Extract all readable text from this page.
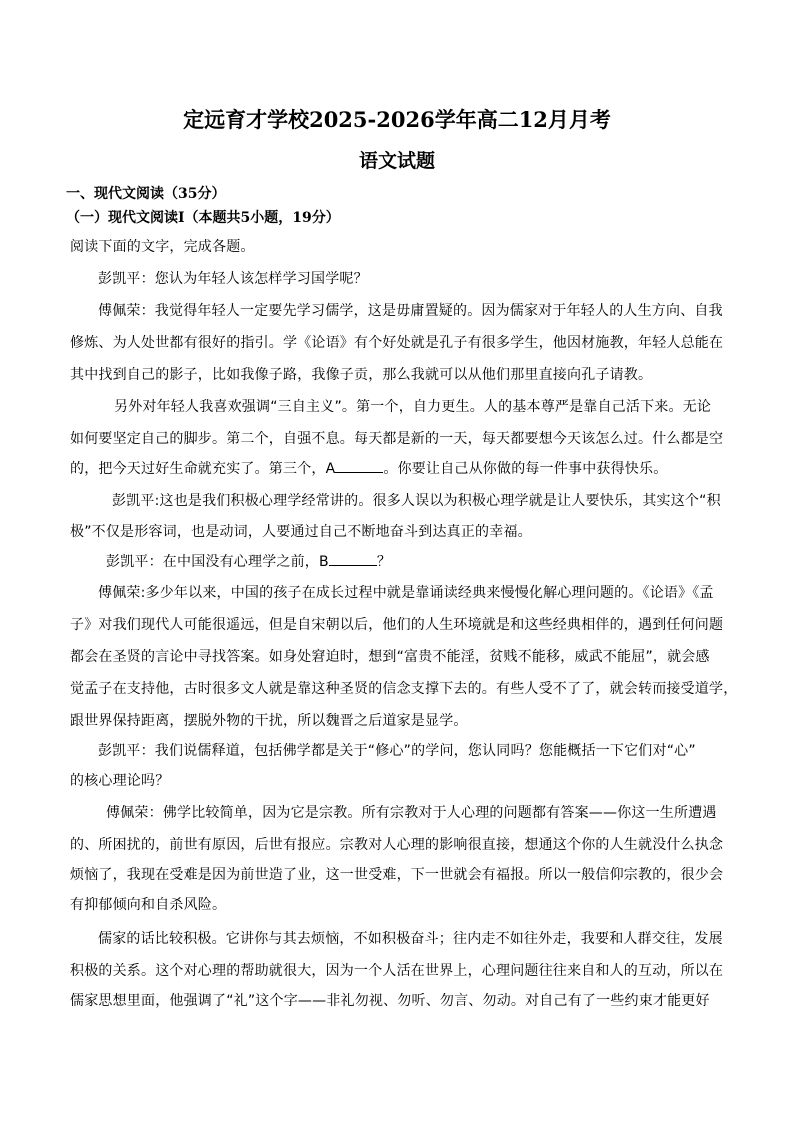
定远育才学校2025-2026学年高二12月月考
语文试题
一、现代文阅读（35分）
（一）现代文阅读Ⅰ（本题共5小题，19分）
阅读下面的文字，完成各题。
彭凯平：您认为年轻人该怎样学习国学呢？
傅佩荣：我觉得年轻人一定要先学习儒学，这是毋庸置疑的。因为儒家对于年轻人的人生方向、自我
修炼、为人处世都有很好的指引。学《论语》有个好处就是孔子有很多学生，他因材施教，年轻人总能在
其中找到自己的影子，比如我像子路，我像子贡，那么我就可以从他们那里直接向孔子请教。
另外对年轻人我喜欢强调“三自主义”。第一个，自力更生。人的基本尊严是靠自己活下来。无论
如何要坚定自己的脚步。第二个，自强不息。每天都是新的一天，每天都要想今天该怎么过。什么都是空
的，把今天过好生命就充实了。第三个，A	。你要让自己从你做的每一件事中获得快乐。
彭凯平:这也是我们积极心理学经常讲的。很多人误以为积极心理学就是让人要快乐，其实这个“积
极”不仅是形容词，也是动词，人要通过自己不断地奋斗到达真正的幸福。
彭凯平：在中国没有心理学之前，B	？
傅佩荣:多少年以来，中国的孩子在成长过程中就是靠诵读经典来慢慢化解心理问题的。《论语》《孟
子》对我们现代人可能很遥远，但是自宋朝以后，他们的人生环境就是和这些经典相伴的，遇到任何问题
都会在圣贤的言论中寻找答案。如身处窘迫时，想到“富贵不能淫，贫贱不能移，威武不能屈”，就会感
觉孟子在支持他，古时很多文人就是靠这种圣贤的信念支撑下去的。有些人受不了了，就会转而接受道学，
跟世界保持距离，摆脱外物的干扰，所以魏晋之后道家是显学。
彭凯平：我们说儒释道，包括佛学都是关于“修心”的学问，您认同吗？您能概括一下它们对“心”
的核心理论吗？
傅佩荣：佛学比较简单，因为它是宗教。所有宗教对于人心理的问题都有答案——你这一生所遭遇
的、所困扰的，前世有原因，后世有报应。宗教对人心理的影响很直接，想通这个你的人生就没什么执念
烦恼了，我现在受难是因为前世造了业，这一世受难，下一世就会有福报。所以一般信仰宗教的，很少会
有抑郁倾向和自杀风险。
儒家的话比较积极。它讲你与其去烦恼，不如积极奋斗；往内走不如往外走，我要和人群交往，发展
积极的关系。这个对心理的帮助就很大，因为一个人活在世界上，心理问题往往来自和人的互动，所以在
儒家思想里面，他强调了“礼”这个字——非礼勿视、勿听、勿言、勿动。对自己有了一些约束才能更好
